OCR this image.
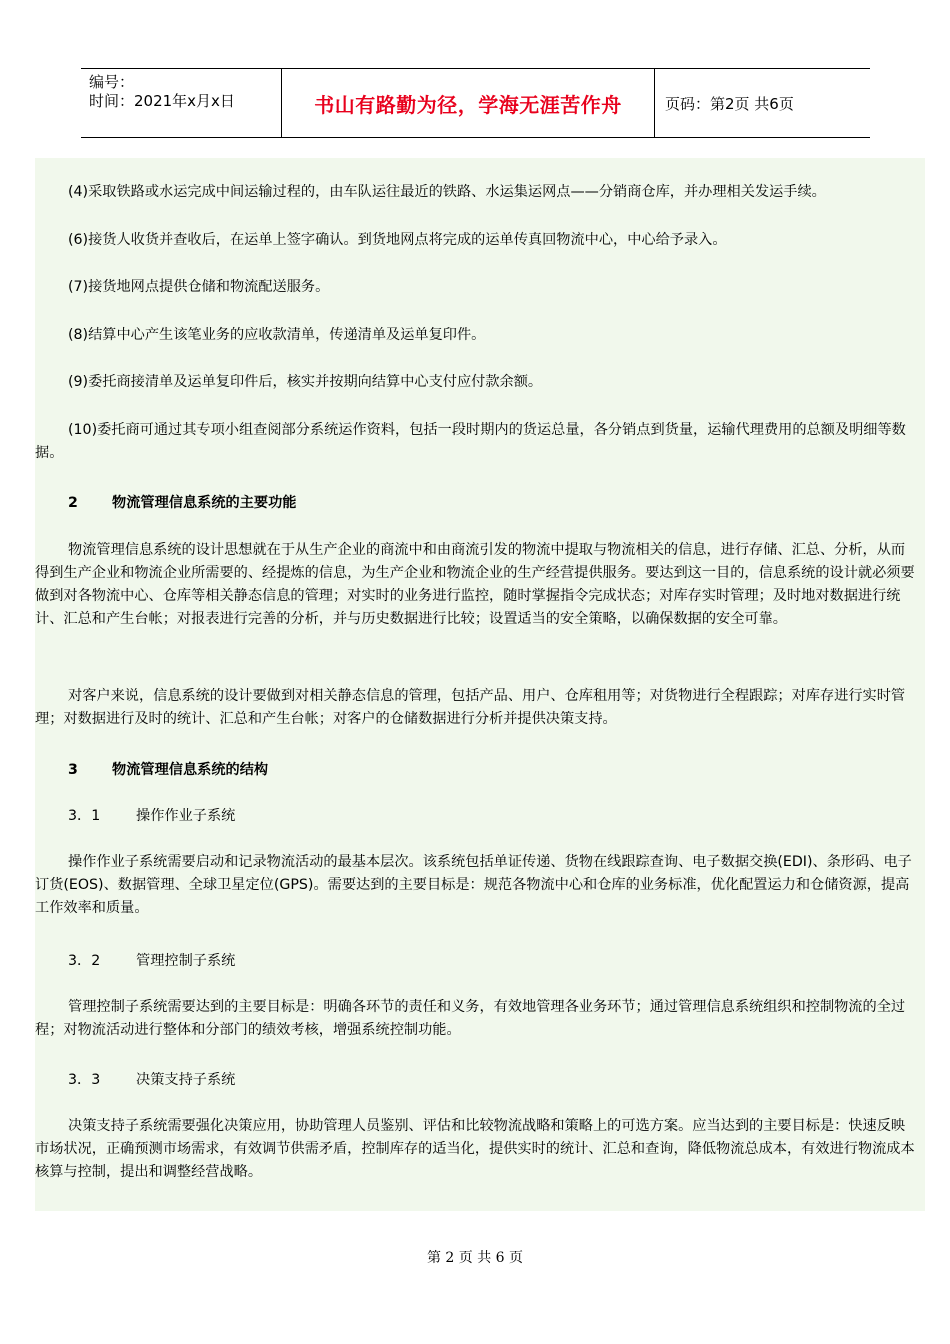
编号：
时间：2021年x月x日	书山有路勤为径，学海无涯苦作舟	页码：第2页 共6页
(4)采取铁路或水运完成中间运输过程的，由车队运往最近的铁路、水运集运网点——分销商仓库，并办理相关发运手续。
(6)接货人收货并查收后，在运单上签字确认。到货地网点将完成的运单传真回物流中心，中心给予录入。
(7)接货地网点提供仓储和物流配送服务。
(8)结算中心产生该笔业务的应收款清单，传递清单及运单复印件。
(9)委托商接清单及运单复印件后，核实并按期向结算中心支付应付款余额。
(10)委托商可通过其专项小组查阅部分系统运作资料，包括一段时期内的货运总量，各分销点到货量，运输代理费用的总额及明细等数据。
2 物流管理信息系统的主要功能
物流管理信息系统的设计思想就在于从生产企业的商流中和由商流引发的物流中提取与物流相关的信息，进行存储、汇总、分析，从而得到生产企业和物流企业所需要的、经提炼的信息，为生产企业和物流企业的生产经营提供服务。要达到这一目的，信息系统的设计就必须要做到对各物流中心、仓库等相关静态信息的管理；对实时的业务进行监控，随时掌握指令完成状态；对库存实时管理；及时地对数据进行统计、汇总和产生台帐；对报表进行完善的分析，并与历史数据进行比较；设置适当的安全策略，以确保数据的安全可靠。
对客户来说，信息系统的设计要做到对相关静态信息的管理，包括产品、用户、仓库租用等；对货物进行全程跟踪；对库存进行实时管理；对数据进行及时的统计、汇总和产生台帐；对客户的仓储数据进行分析并提供决策支持。
3 物流管理信息系统的结构
3．1	操作作业子系统
操作作业子系统需要启动和记录物流活动的最基本层次。该系统包括单证传递、货物在线跟踪查询、电子数据交换(EDI)、条形码、电子订货(EOS)、数据管理、全球卫星定位(GPS)。需要达到的主要目标是：规范各物流中心和仓库的业务标准，优化配置运力和仓储资源，提高工作效率和质量。
3．2	管理控制子系统
管理控制子系统需要达到的主要目标是：明确各环节的责任和义务，有效地管理各业务环节；通过管理信息系统组织和控制物流的全过程；对物流活动进行整体和分部门的绩效考核，增强系统控制功能。
3．3	决策支持子系统
决策支持子系统需要强化决策应用，协助管理人员鉴别、评估和比较物流战略和策略上的可选方案。应当达到的主要目标是：快速反映市场状况，正确预测市场需求，有效调节供需矛盾，控制库存的适当化，提供实时的统计、汇总和查询，降低物流总成本，有效进行物流成本核算与控制，提出和调整经营战略。
第 2 页 共 6 页
